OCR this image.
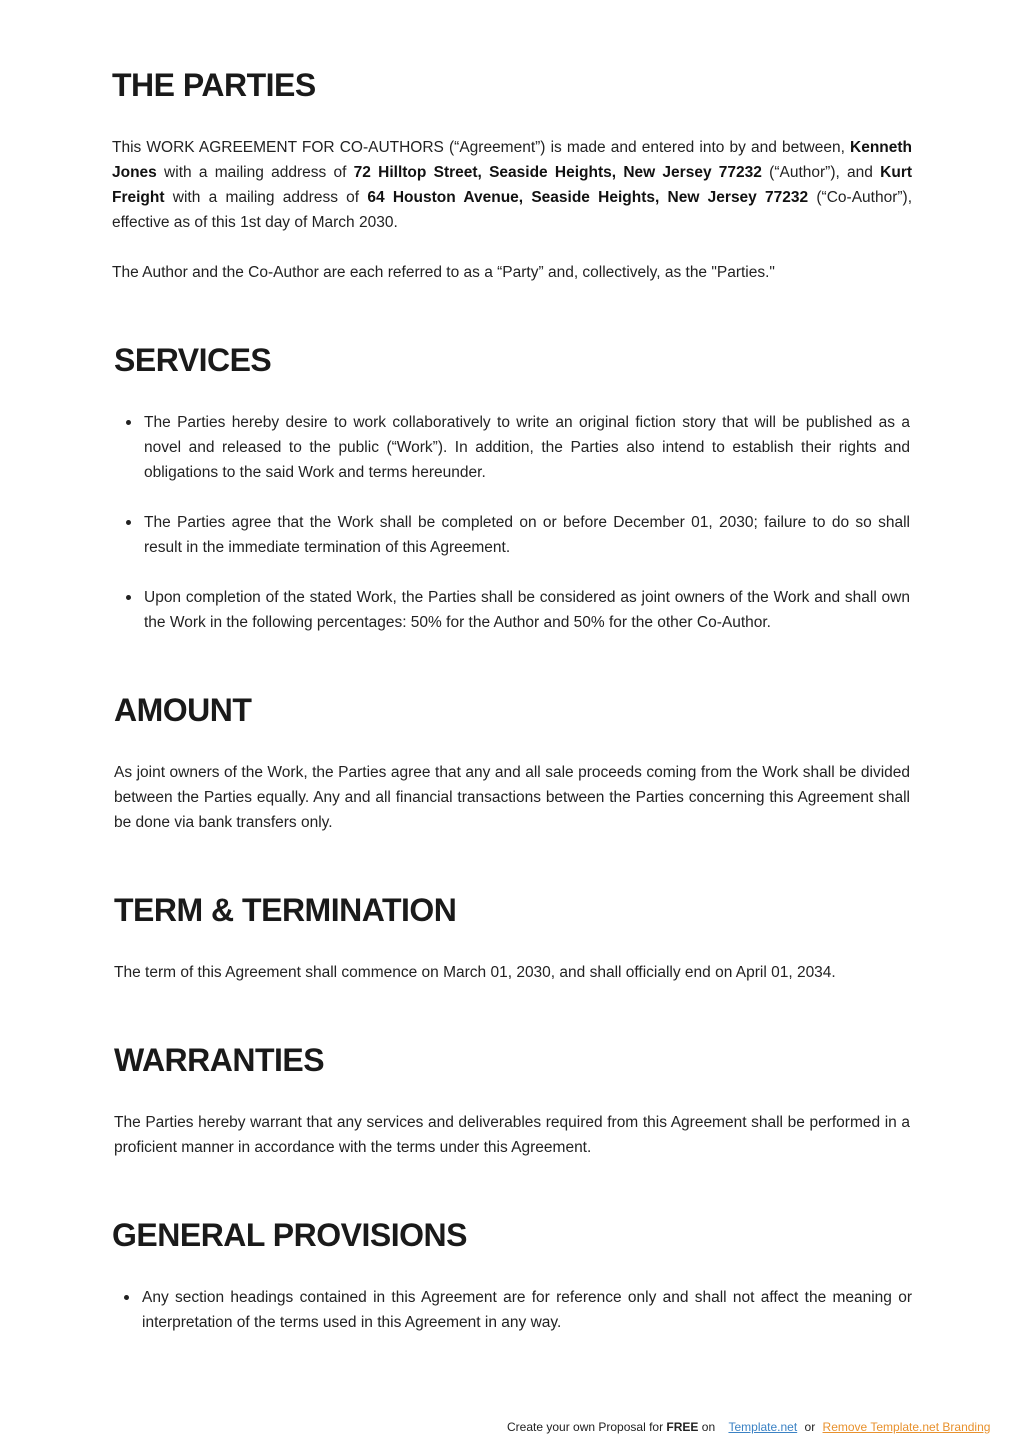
THE PARTIES

This WORK AGREEMENT FOR CO-AUTHORS (“Agreement”) is made and entered into by and between, Kenneth Jones with a mailing address of 72 Hilltop Street, Seaside Heights, New Jersey 77232 (“Author”), and Kurt Freight with a mailing address of 64 Houston Avenue, Seaside Heights, New Jersey 77232 (“Co-Author”), effective as of this 1st day of March 2030.

The Author and the Co-Author are each referred to as a “Party” and, collectively, as the "Parties."

SERVICES
The Parties hereby desire to work collaboratively to write an original fiction story that will be published as a novel and released to the public (“Work”). In addition, the Parties also intend to establish their rights and obligations to the said Work and terms hereunder.
The Parties agree that the Work shall be completed on or before December 01, 2030; failure to do so shall result in the immediate termination of this Agreement.
Upon completion of the stated Work, the Parties shall be considered as joint owners of the Work and shall own the Work in the following percentages: 50% for the Author and 50% for the other Co-Author.
AMOUNT

As joint owners of the Work, the Parties agree that any and all sale proceeds coming from the Work shall be divided between the Parties equally. Any and all financial transactions between the Parties concerning this Agreement shall be done via bank transfers only.

TERM & TERMINATION

The term of this Agreement shall commence on March 01, 2030, and shall officially end on April 01, 2034.

WARRANTIES

The Parties hereby warrant that any services and deliverables required from this Agreement shall be performed in a proficient manner in accordance with the terms under this Agreement.

GENERAL PROVISIONS
Any section headings contained in this Agreement are for reference only and shall not affect the meaning or interpretation of the terms used in this Agreement in any way.
Create your own Proposal for FREE on Template.net or Remove Template.net Branding
